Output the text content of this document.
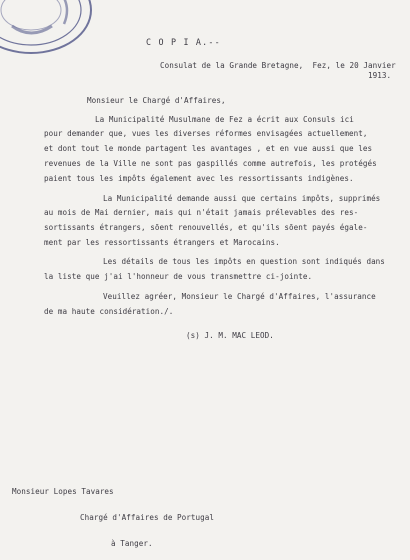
C O P I A.--
Consulat de la Grande Bretagne,  Fez, le 20 Janvier
1913.
Monsieur le Chargé d'Affaires,
La Municipalité Musulmane de Fez a écrit aux Consuls ici
pour demander que, vues les diverses réformes envisagées actuellement,
et dont tout le monde partagent les avantages , et en vue aussi que les
revenues de la Ville ne sont pas gaspillés comme autrefois, les protégés
paient tous les impôts également avec les ressortissants indigènes.
La Municipalité demande aussi que certains impôts, supprimés
au mois de Mai dernier, mais qui n'était jamais prélevables des res-
sortissants étrangers, sōent renouvellés, et qu'ils sōent payés égale-
ment par les ressortissants étrangers et Marocains.
Les détails de tous les impôts en question sont indiqués dans
la liste que j'ai l'honneur de vous transmettre ci-jointe.
Veuillez agréer, Monsieur le Chargé d'Affaires, l'assurance
de ma haute considération./.
(s) J. M. MAC LEOD.
Monsieur Lopes Tavares
Chargé d'Affaires de Portugal
à Tanger.
